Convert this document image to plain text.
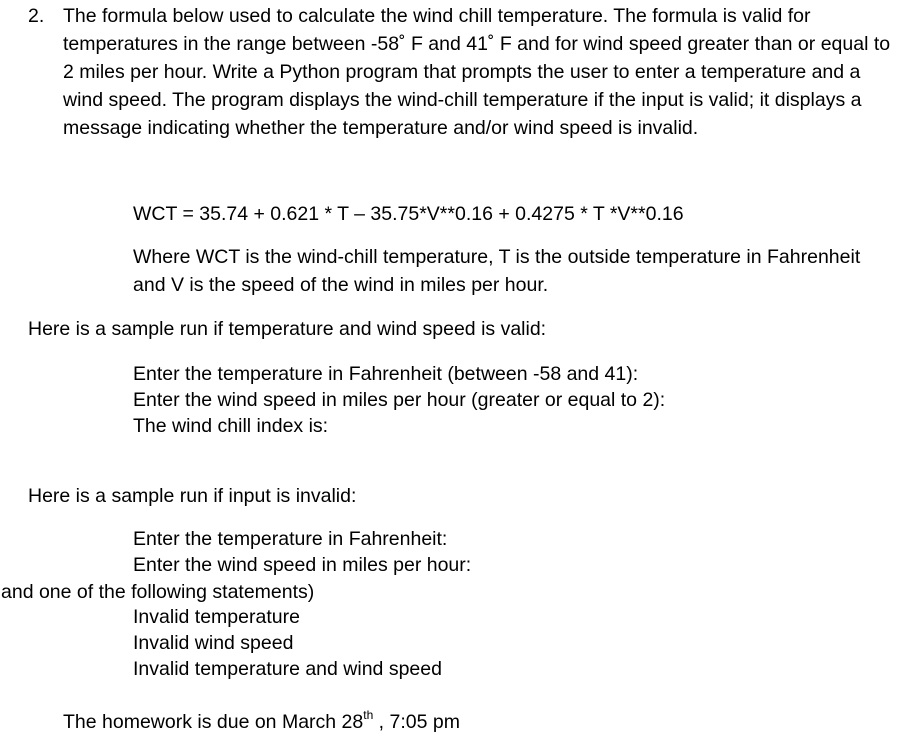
2. The formula below used to calculate the wind chill temperature. The formula is valid for
temperatures in the range between -58˚ F and 41˚ F and for wind speed greater than or equal to
2 miles per hour. Write a Python program that prompts the user to enter a temperature and a
wind speed. The program displays the wind-chill temperature if the input is valid; it displays a
message indicating whether the temperature and/or wind speed is invalid.
WCT = 35.74 + 0.621 * T – 35.75*V**0.16 + 0.4275 * T *V**0.16
Where WCT is the wind-chill temperature, T is the outside temperature in Fahrenheit
and V is the speed of the wind in miles per hour.
Here is a sample run if temperature and wind speed is valid:
Enter the temperature in Fahrenheit (between -58 and 41):
Enter the wind speed in miles per hour (greater or equal to 2):
The wind chill index is:
Here is a sample run if input is invalid:
Enter the temperature in Fahrenheit:
Enter the wind speed in miles per hour:
and one of the following statements)
Invalid temperature
Invalid wind speed
Invalid temperature and wind speed
The homework is due on March 28th , 7:05 pm
